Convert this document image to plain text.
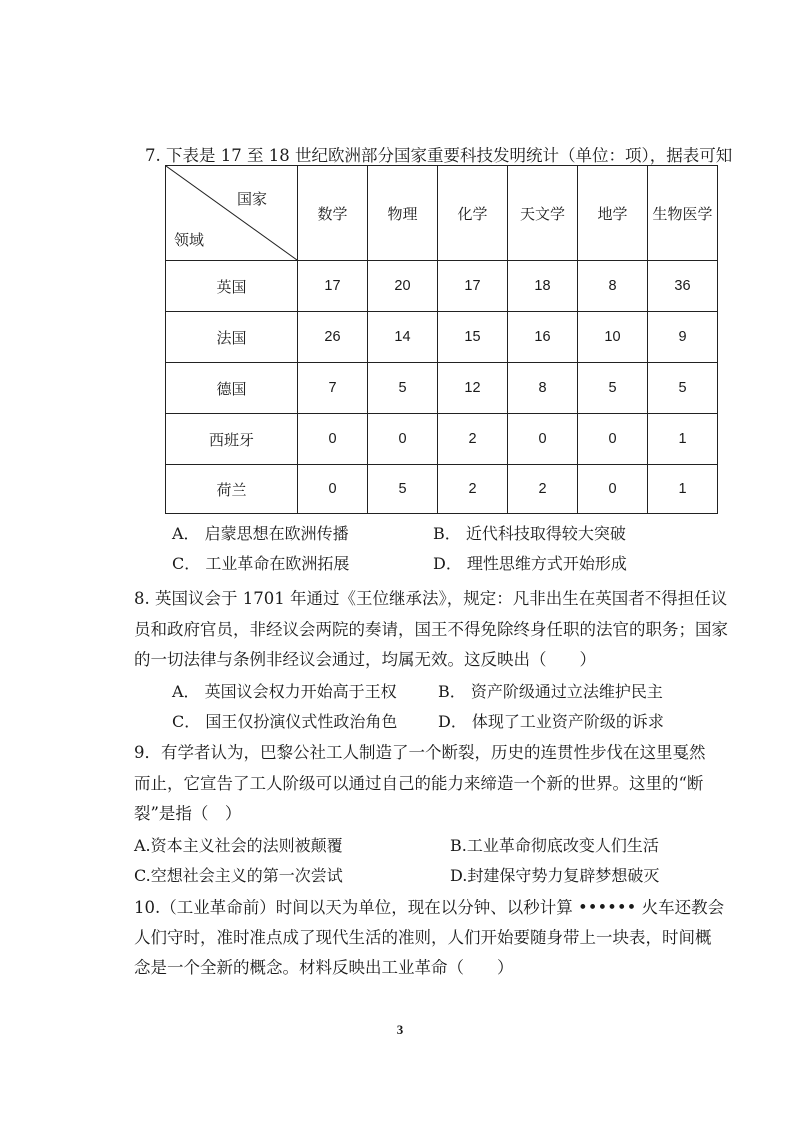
7. 下表是 17 至 18 世纪欧洲部分国家重要科技发明统计（单位：项），据表可知
国家
领域	数学	物理	化学	天文学	地学	生物医学
英国	17	20	17	18	8	36
法国	26	14	15	16	10	9
德国	7	5	12	8	5	5
西班牙	0	0	2	0	0	1
荷兰	0	5	2	2	0	1
A． 启蒙思想在欧洲传播	B． 近代科技取得较大突破
C． 工业革命在欧洲拓展	D． 理性思维方式开始形成
8. 英国议会于 1701 年通过《王位继承法》，规定：凡非出生在英国者不得担任议
员和政府官员，非经议会两院的奏请，国王不得免除终身任职的法官的职务；国家
的一切法律与条例非经议会通过，均属无效。这反映出（　　）
A． 英国议会权力开始高于王权	B． 资产阶级通过立法维护民主
C． 国王仅扮演仪式性政治角色	D． 体现了工业资产阶级的诉求
9．有学者认为，巴黎公社工人制造了一个断裂，历史的连贯性步伐在这里戛然
而止，它宣告了工人阶级可以通过自己的能力来缔造一个新的世界。这里的“断
裂”是指（　）
A.资本主义社会的法则被颠覆	B.工业革命彻底改变人们生活
C.空想社会主义的第一次尝试	D.封建保守势力复辟梦想破灭
10.（工业革命前）时间以天为单位，现在以分钟、以秒计算 •••••• 火车还教会
人们守时，准时准点成了现代生活的准则，人们开始要随身带上一块表，时间概
念是一个全新的概念。材料反映出工业革命（　　）
3
